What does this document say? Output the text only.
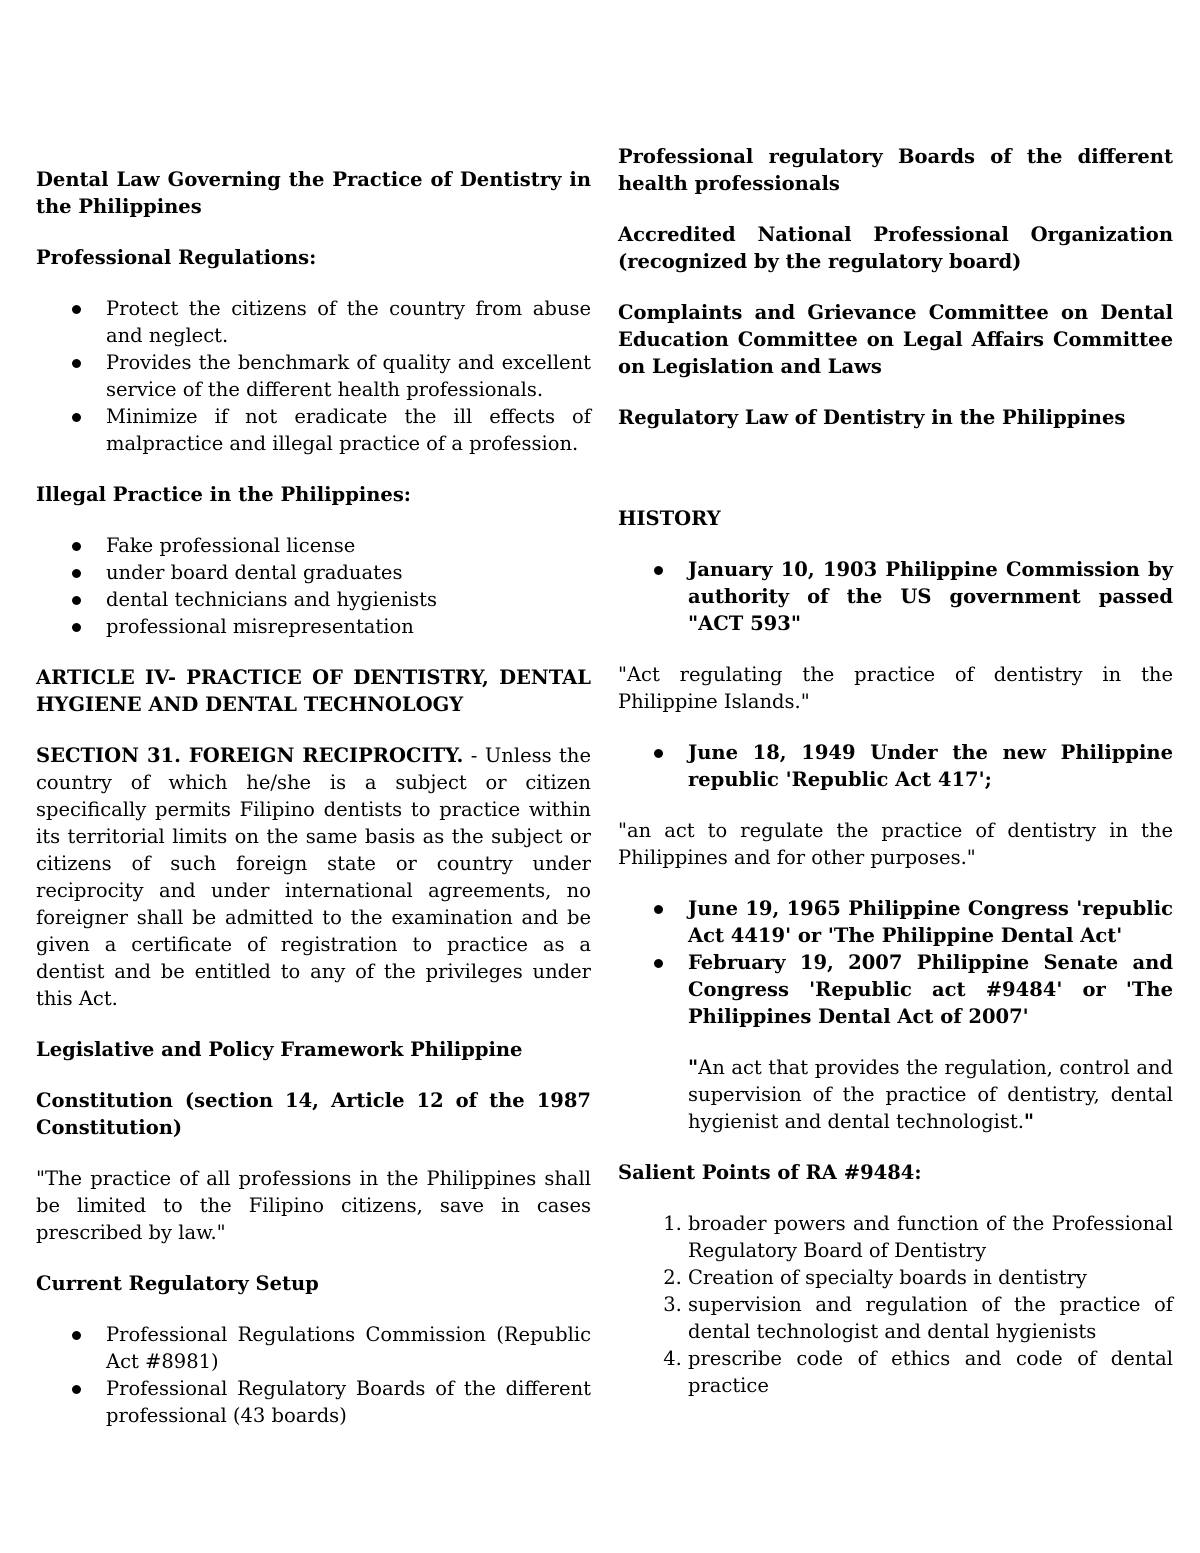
Dental Law Governing the Practice of Dentistry in the Philippines

Professional Regulations:

Protect the citizens of the country from abuse and neglect.
Provides the benchmark of quality and excellent service of the different health professionals.
Minimize if not eradicate the ill effects of malpractice and illegal practice of a profession.

Illegal Practice in the Philippines:

Fake professional license
under board dental graduates
dental technicians and hygienists
professional misrepresentation

ARTICLE IV- PRACTICE OF DENTISTRY, DENTAL HYGIENE AND DENTAL TECHNOLOGY

SECTION 31. FOREIGN RECIPROCITY. - Unless the country of which he/she is a subject or citizen specifically permits Filipino dentists to practice within its territorial limits on the same basis as the subject or citizens of such foreign state or country under reciprocity and under international agreements, no foreigner shall be admitted to the examination and be given a certificate of registration to practice as a dentist and be entitled to any of the privileges under this Act.

Legislative and Policy Framework Philippine

Constitution (section 14, Article 12 of the 1987 Constitution)

"The practice of all professions in the Philippines shall be limited to the Filipino citizens, save in cases prescribed by law."

Current Regulatory Setup

Professional Regulations Commission (Republic Act #8981)
Professional Regulatory Boards of the different professional (43 boards)

Professional regulatory Boards of the different health professionals

Accredited National Professional Organization (recognized by the regulatory board)

Complaints and Grievance Committee on Dental Education Committee on Legal Affairs Committee on Legislation and Laws

Regulatory Law of Dentistry in the Philippines

HISTORY

January 10, 1903 Philippine Commission by authority of the US government passed "ACT 593"

"Act regulating the practice of dentistry in the Philippine Islands."

June 18, 1949 Under the new Philippine republic 'Republic Act 417';

"an act to regulate the practice of dentistry in the Philippines and for other purposes."

June 19, 1965 Philippine Congress 'republic Act 4419' or 'The Philippine Dental Act'
February 19, 2007 Philippine Senate and Congress 'Republic act #9484' or 'The Philippines Dental Act of 2007'

"An act that provides the regulation, control and supervision of the practice of dentistry, dental hygienist and dental technologist."

Salient Points of RA #9484:

1. broader powers and function of the Professional Regulatory Board of Dentistry
2. Creation of specialty boards in dentistry
3. supervision and regulation of the practice of dental technologist and dental hygienists
4. prescribe code of ethics and code of dental practice
